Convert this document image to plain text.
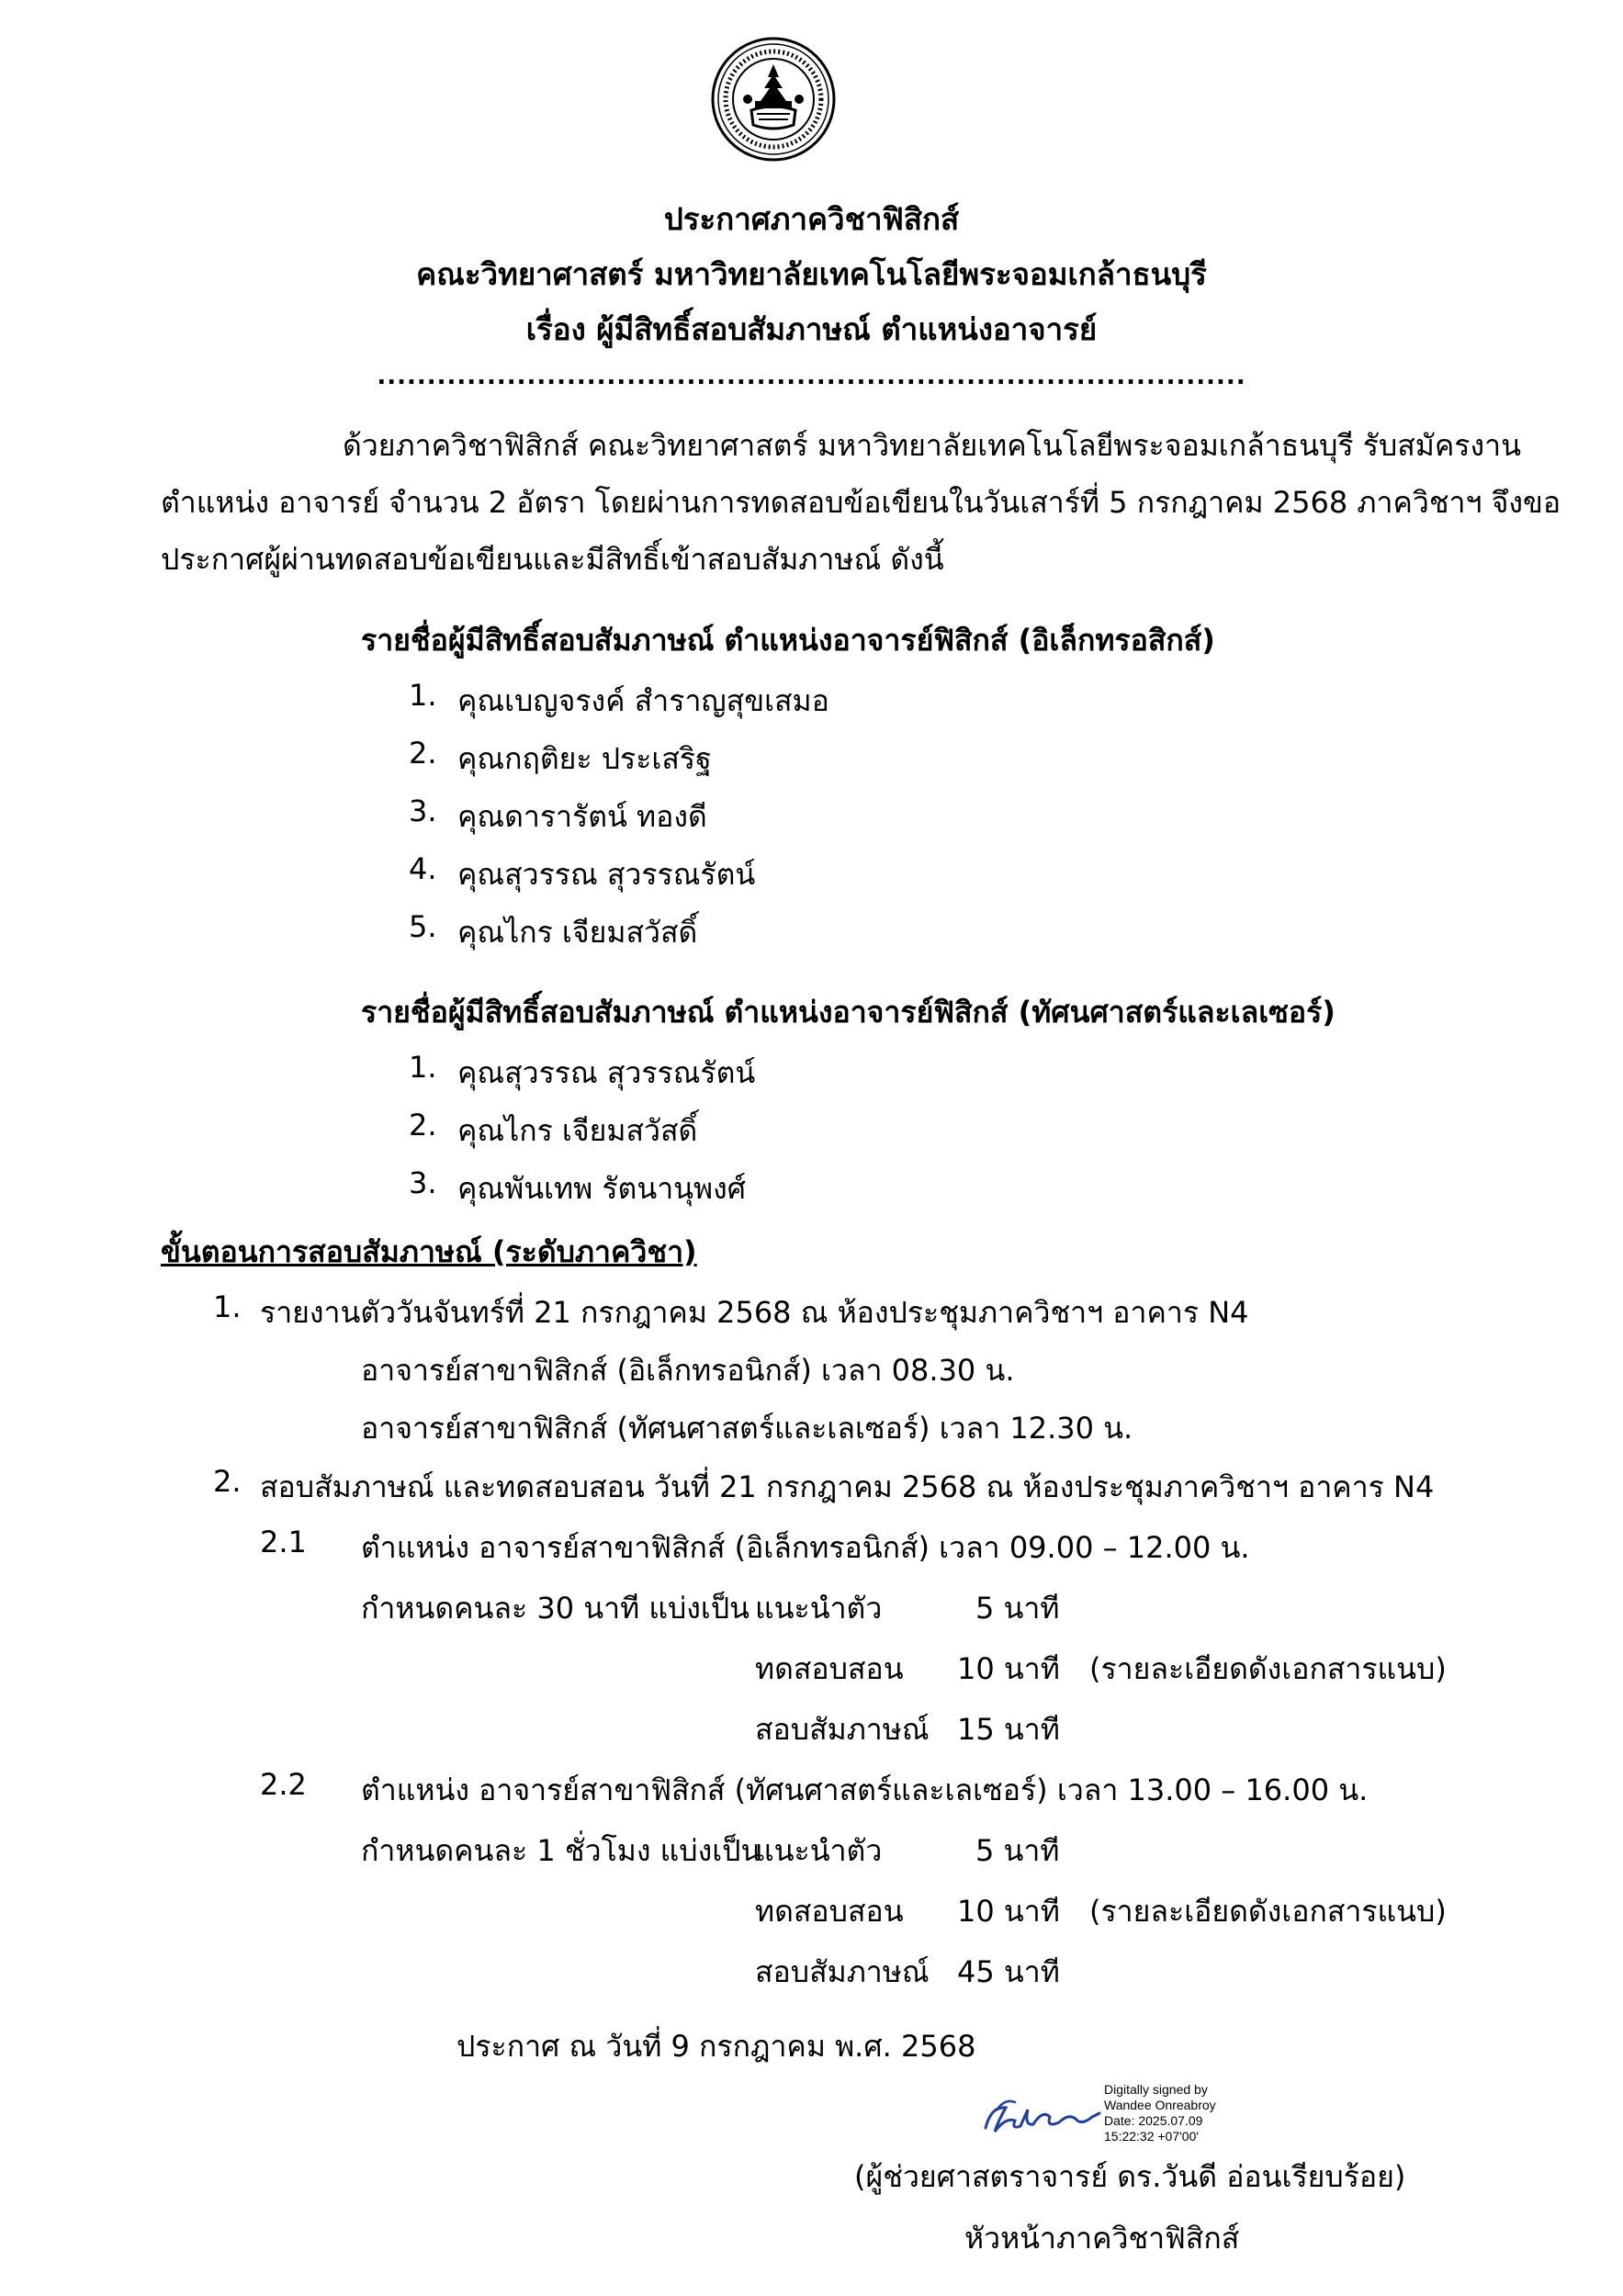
ประกาศภาควิชาฟิสิกส์
คณะวิทยาศาสตร์ มหาวิทยาลัยเทคโนโลยีพระจอมเกล้าธนบุรี
เรื่อง ผู้มีสิทธิ์สอบสัมภาษณ์ ตำแหน่งอาจารย์
.......................................................................................
ด้วยภาควิชาฟิสิกส์ คณะวิทยาศาสตร์ มหาวิทยาลัยเทคโนโลยีพระจอมเกล้าธนบุรี รับสมัครงาน
ตำแหน่ง อาจารย์ จำนวน 2 อัตรา โดยผ่านการทดสอบข้อเขียนในวันเสาร์ที่ 5 กรกฎาคม 2568 ภาควิชาฯ จึงขอ
ประกาศผู้ผ่านทดสอบข้อเขียนและมีสิทธิ์เข้าสอบสัมภาษณ์ ดังนี้
รายชื่อผู้มีสิทธิ์สอบสัมภาษณ์ ตำแหน่งอาจารย์ฟิสิกส์ (อิเล็กทรอสิกส์)
1. คุณเบญจรงค์ สำราญสุขเสมอ
2. คุณกฤติยะ ประเสริฐ
3. คุณดารารัตน์ ทองดี
4. คุณสุวรรณ สุวรรณรัตน์
5. คุณไกร เจียมสวัสดิ์
รายชื่อผู้มีสิทธิ์สอบสัมภาษณ์ ตำแหน่งอาจารย์ฟิสิกส์ (ทัศนศาสตร์และเลเซอร์)
1. คุณสุวรรณ สุวรรณรัตน์
2. คุณไกร เจียมสวัสดิ์
3. คุณพันเทพ รัตนานุพงศ์
ขั้นตอนการสอบสัมภาษณ์ (ระดับภาควิชา)
1. รายงานตัววันจันทร์ที่ 21 กรกฎาคม 2568 ณ ห้องประชุมภาควิชาฯ อาคาร N4
อาจารย์สาขาฟิสิกส์ (อิเล็กทรอนิกส์) เวลา 08.30 น.
อาจารย์สาขาฟิสิกส์ (ทัศนศาสตร์และเลเซอร์) เวลา 12.30 น.
2. สอบสัมภาษณ์ และทดสอบสอน วันที่ 21 กรกฎาคม 2568 ณ ห้องประชุมภาควิชาฯ อาคาร N4
2.1 ตำแหน่ง อาจารย์สาขาฟิสิกส์ (อิเล็กทรอนิกส์) เวลา 09.00 – 12.00 น.
กำหนดคนละ 30 นาที แบ่งเป็น แนะนำตัว	5 นาที
ทดสอบสอน 10 นาที (รายละเอียดดังเอกสารแนบ)
สอบสัมภาษณ์ 15 นาที
2.2 ตำแหน่ง อาจารย์สาขาฟิสิกส์ (ทัศนศาสตร์และเลเซอร์) เวลา 13.00 – 16.00 น.
กำหนดคนละ 1 ชั่วโมง แบ่งเป็น
แนะนำตัว	5 นาที
ทดสอบสอน 10 นาที (รายละเอียดดังเอกสารแนบ)
สอบสัมภาษณ์ 45 นาที
ประกาศ ณ วันที่ 9 กรกฎาคม พ.ศ. 2568
Digitally signed by
Wandee Onreabroy
Date: 2025.07.09
15:22:32 +07'00'
(ผู้ช่วยศาสตราจารย์ ดร.วันดี อ่อนเรียบร้อย)
หัวหน้าภาควิชาฟิสิกส์
